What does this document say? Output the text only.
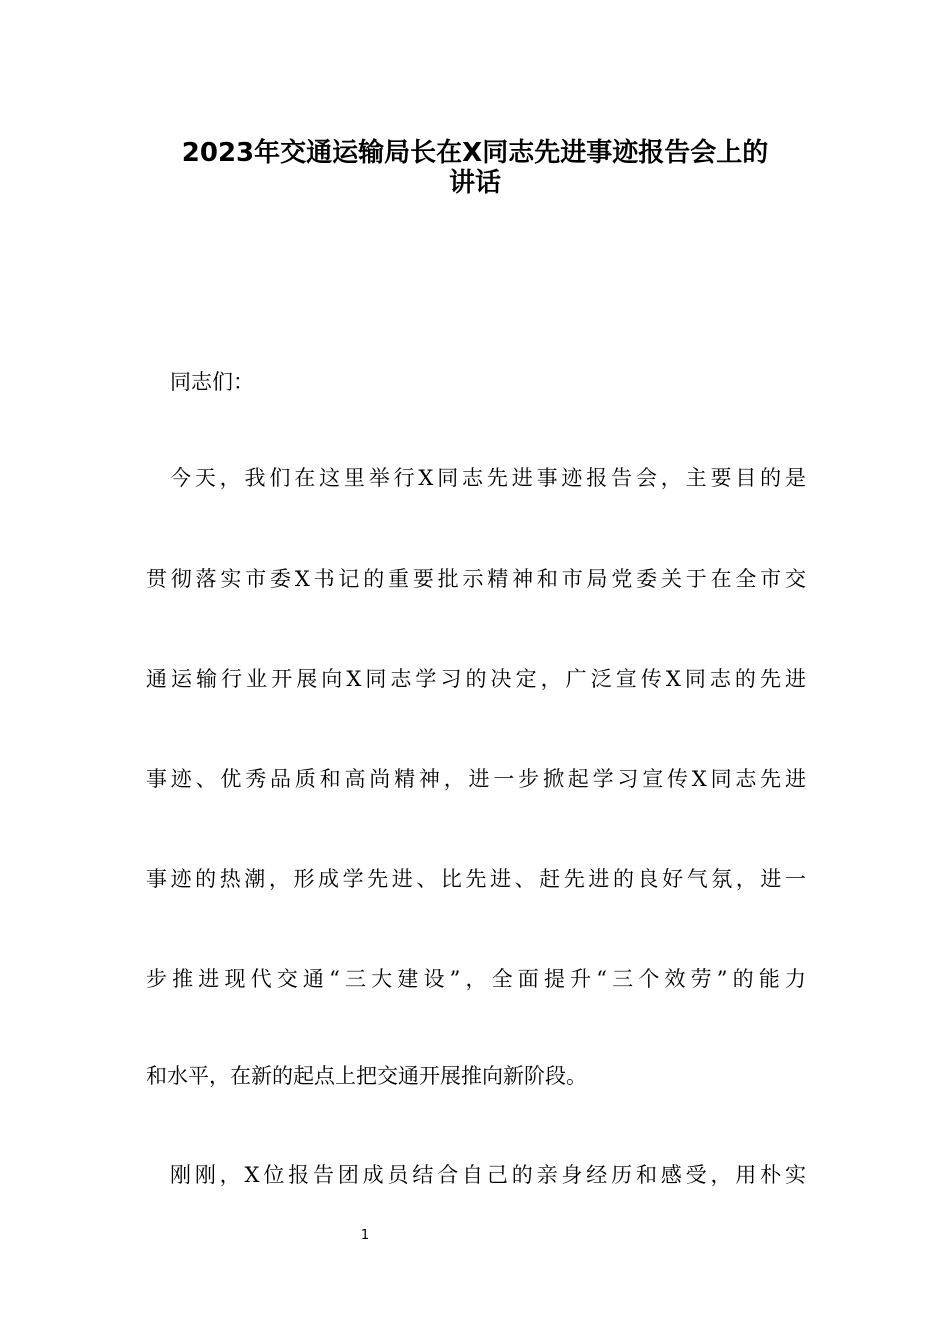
2023年交通运输局长在X同志先进事迹报告会上的
讲话
同志们：
今天，我们在这里举行X同志先进事迹报告会，主要目的是
贯彻落实市委X书记的重要批示精神和市局党委关于在全市交
通运输行业开展向X同志学习的决定，广泛宣传X同志的先进
事迹、优秀品质和高尚精神，进一步掀起学习宣传X同志先进
事迹的热潮，形成学先进、比先进、赶先进的良好气氛，进一
步推进现代交通“三大建设”，全面提升“三个效劳”的能力
和水平，在新的起点上把交通开展推向新阶段。
刚刚，X位报告团成员结合自己的亲身经历和感受，用朴实
1
